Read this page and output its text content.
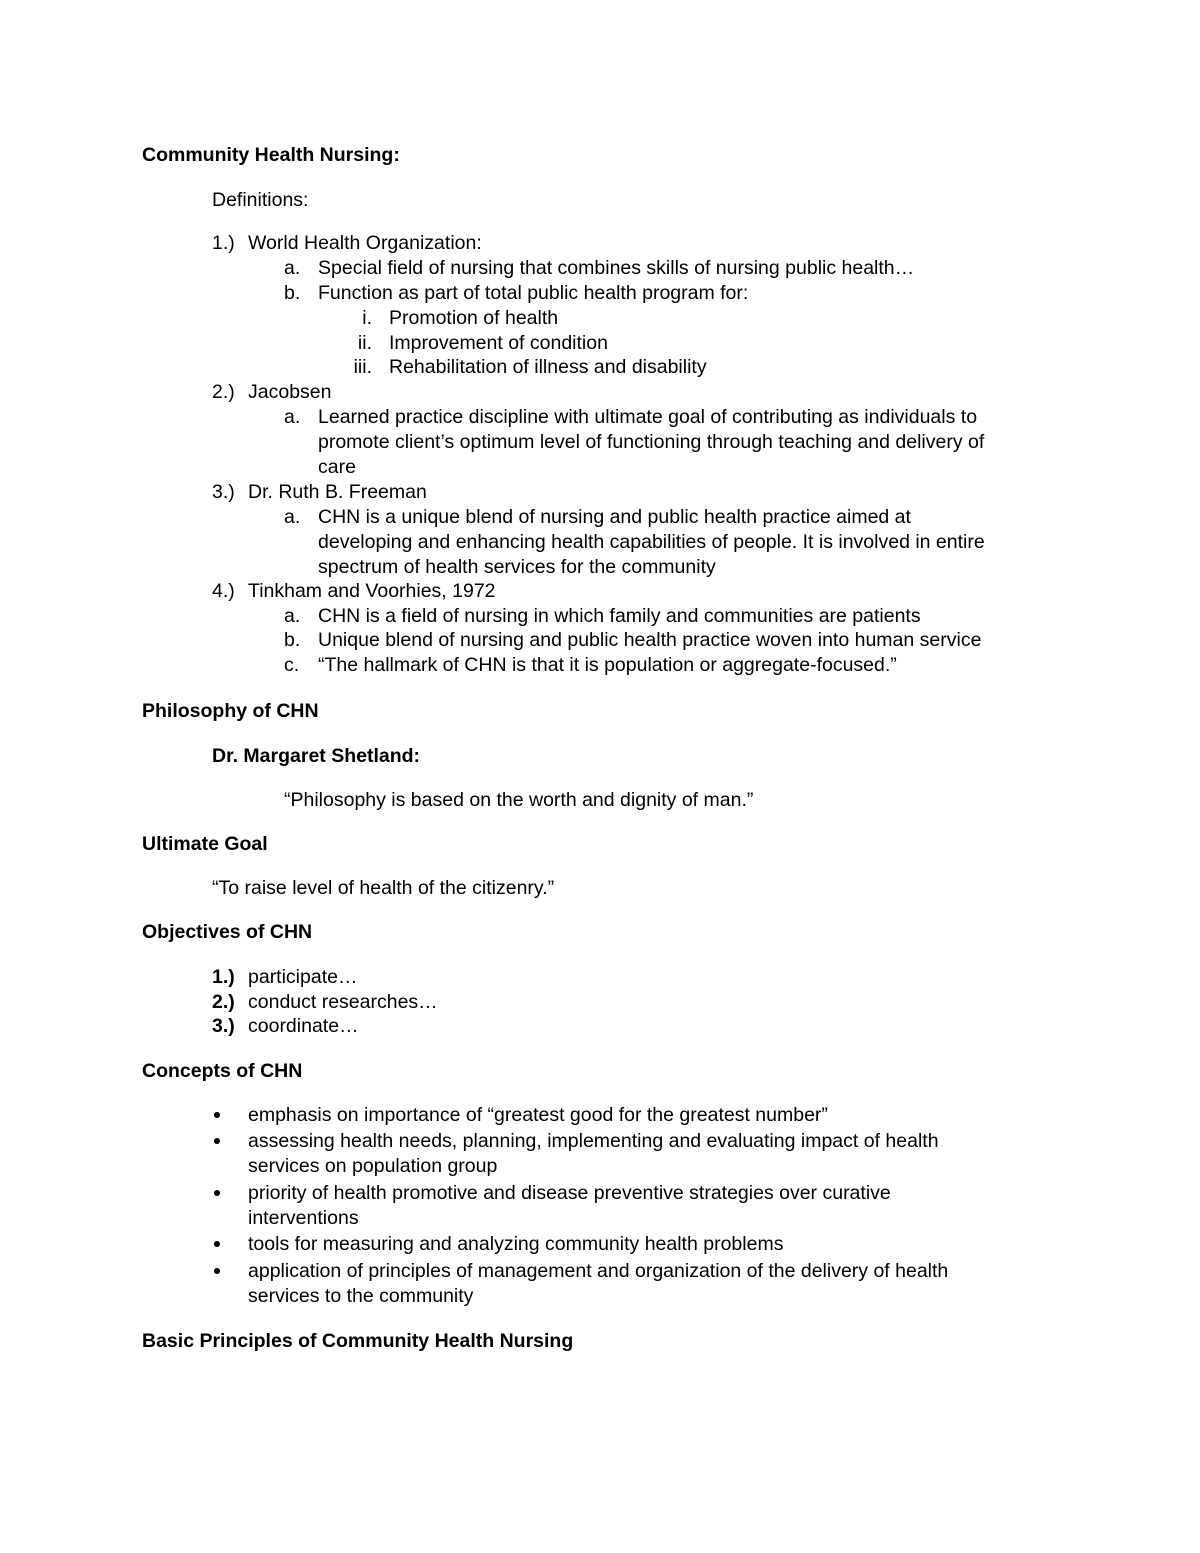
Community Health Nursing:
Definitions:
1.) World Health Organization:
a. Special field of nursing that combines skills of nursing public health…
b. Function as part of total public health program for:
i. Promotion of health
ii. Improvement of condition
iii. Rehabilitation of illness and disability
2.) Jacobsen
a. Learned practice discipline with ultimate goal of contributing as individuals to
promote client’s optimum level of functioning through teaching and delivery of
care
3.) Dr. Ruth B. Freeman
a. CHN is a unique blend of nursing and public health practice aimed at
developing and enhancing health capabilities of people. It is involved in entire
spectrum of health services for the community
4.) Tinkham and Voorhies, 1972
a. CHN is a field of nursing in which family and communities are patients
b. Unique blend of nursing and public health practice woven into human service
c. “The hallmark of CHN is that it is population or aggregate-focused.”
Philosophy of CHN
Dr. Margaret Shetland:
“Philosophy is based on the worth and dignity of man.”
Ultimate Goal
“To raise level of health of the citizenry.”
Objectives of CHN
1.) participate…
2.) conduct researches…
3.) coordinate…
Concepts of CHN
emphasis on importance of “greatest good for the greatest number”
assessing health needs, planning, implementing and evaluating impact of health
services on population group
priority of health promotive and disease preventive strategies over curative
interventions
tools for measuring and analyzing community health problems
application of principles of management and organization of the delivery of health
services to the community
Basic Principles of Community Health Nursing
